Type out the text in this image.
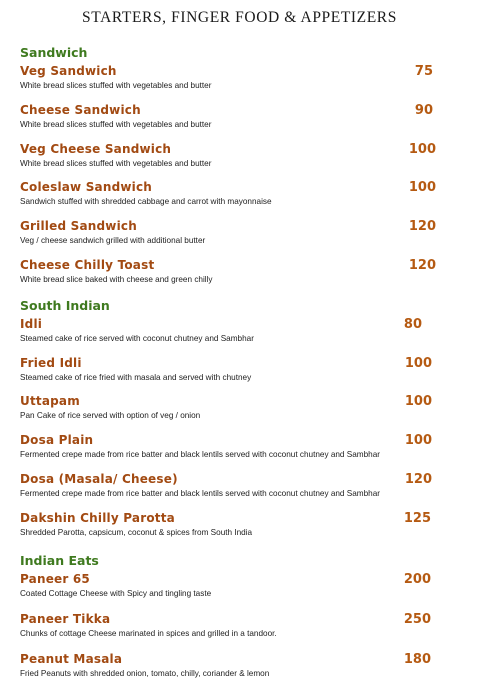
STARTERS, FINGER FOOD & APPETIZERS
Sandwich
Veg Sandwich
White bread slices stuffed with vegetables and butter
75
Cheese Sandwich
White bread slices stuffed with vegetables and butter
90
Veg Cheese Sandwich
White bread slices stuffed with vegetables and butter
100
Coleslaw Sandwich
Sandwich stuffed with shredded cabbage and carrot with mayonnaise
100
Grilled Sandwich
Veg / cheese sandwich grilled with additional butter
120
Cheese Chilly Toast
White bread slice baked with cheese and green chilly
120
South Indian
Idli
Steamed cake of rice served with coconut chutney and Sambhar
80
Fried Idli
Steamed cake of rice fried with masala and served with chutney
100
Uttapam
Pan Cake of rice served with option of veg / onion
100
Dosa Plain
Fermented crepe made from rice batter and black lentils served with coconut chutney and Sambhar
100
Dosa (Masala/ Cheese)
Fermented crepe made from rice batter and black lentils served with coconut chutney and Sambhar
120
Dakshin Chilly Parotta
Shredded Parotta, capsicum, coconut & spices from South India
125
Indian Eats
Paneer 65
Coated Cottage Cheese with Spicy and tingling taste
200
Paneer Tikka
Chunks of cottage Cheese marinated in spices and grilled in a tandoor.
250
Peanut Masala
Fried Peanuts with shredded onion, tomato, chilly, coriander & lemon
180
